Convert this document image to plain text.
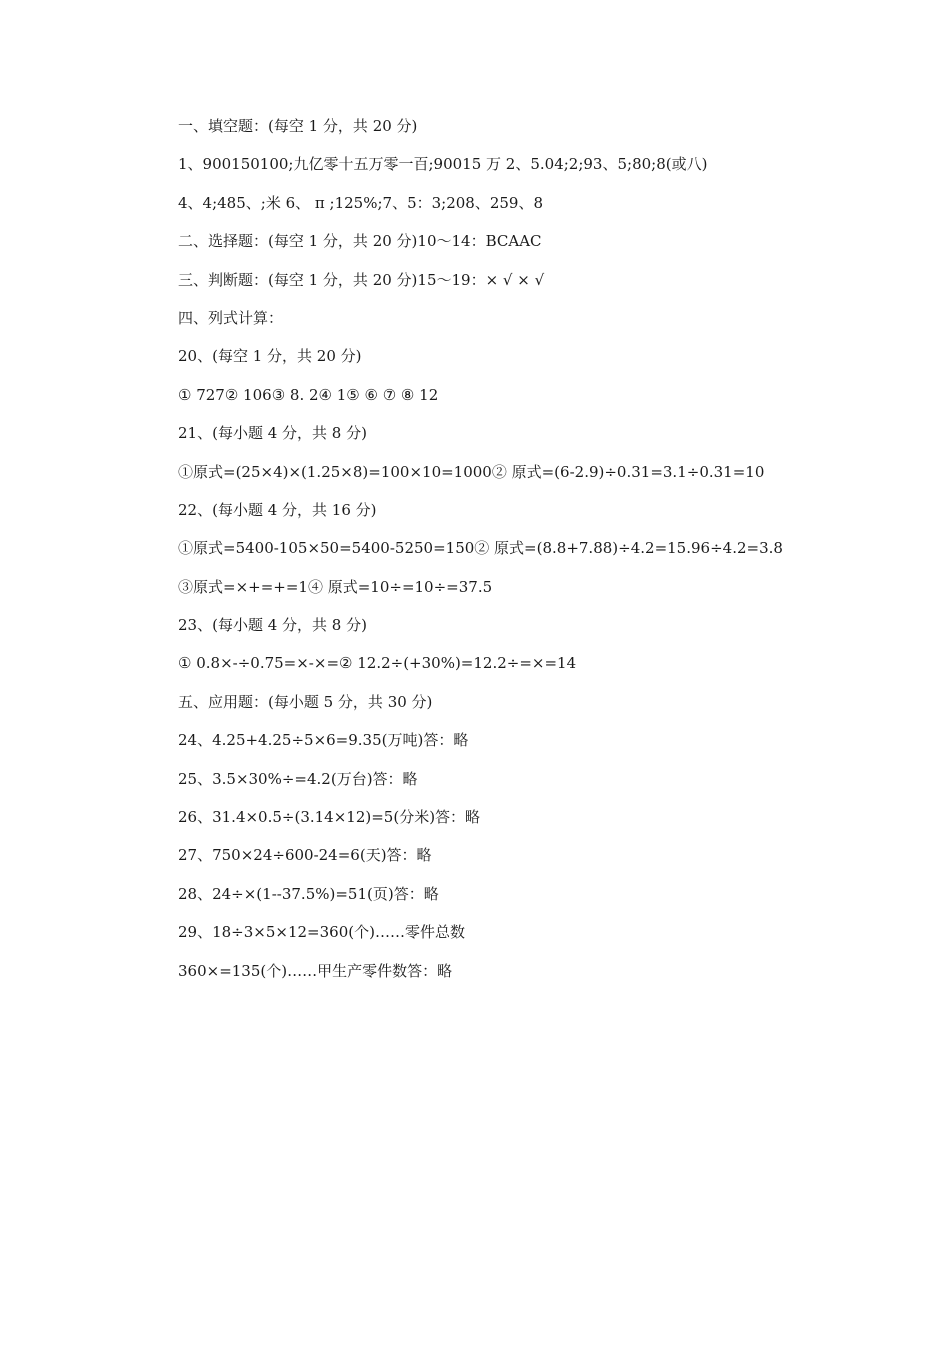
一、填空题：(每空 1 分，共 20 分)
1、900150100;九亿零十五万零一百;90015 万 2、5.04;2;93、5;80;8(或八)
4、4;485、;米 6、 π ;125%;7、5：3;208、259、8
二、选择题：(每空 1 分，共 20 分)10～14：BCAAC
三、判断题：(每空 1 分，共 20 分)15～19：× √ × √
四、列式计算：
20、(每空 1 分，共 20 分)
① 727② 106③ 8. 2④ 1⑤ ⑥ ⑦ ⑧ 12
21、(每小题 4 分，共 8 分)
①原式=(25×4)×(1.25×8)=100×10=1000② 原式=(6-2.9)÷0.31=3.1÷0.31=10
22、(每小题 4 分，共 16 分)
①原式=5400-105×50=5400-5250=150② 原式=(8.8+7.88)÷4.2=15.96÷4.2=3.8
③原式=×+=+=1④ 原式=10÷=10÷=37.5
23、(每小题 4 分，共 8 分)
① 0.8×-÷0.75=×-×=② 12.2÷(+30%)=12.2÷=×=14
五、应用题：(每小题 5 分，共 30 分)
24、4.25+4.25÷5×6=9.35(万吨)答：略
25、3.5×30%÷=4.2(万台)答：略
26、31.4×0.5÷(3.14×12)=5(分米)答：略
27、750×24÷600-24=6(天)答：略
28、24÷×(1--37.5%)=51(页)答：略
29、18÷3×5×12=360(个)……零件总数
360×=135(个)……甲生产零件数答：略
